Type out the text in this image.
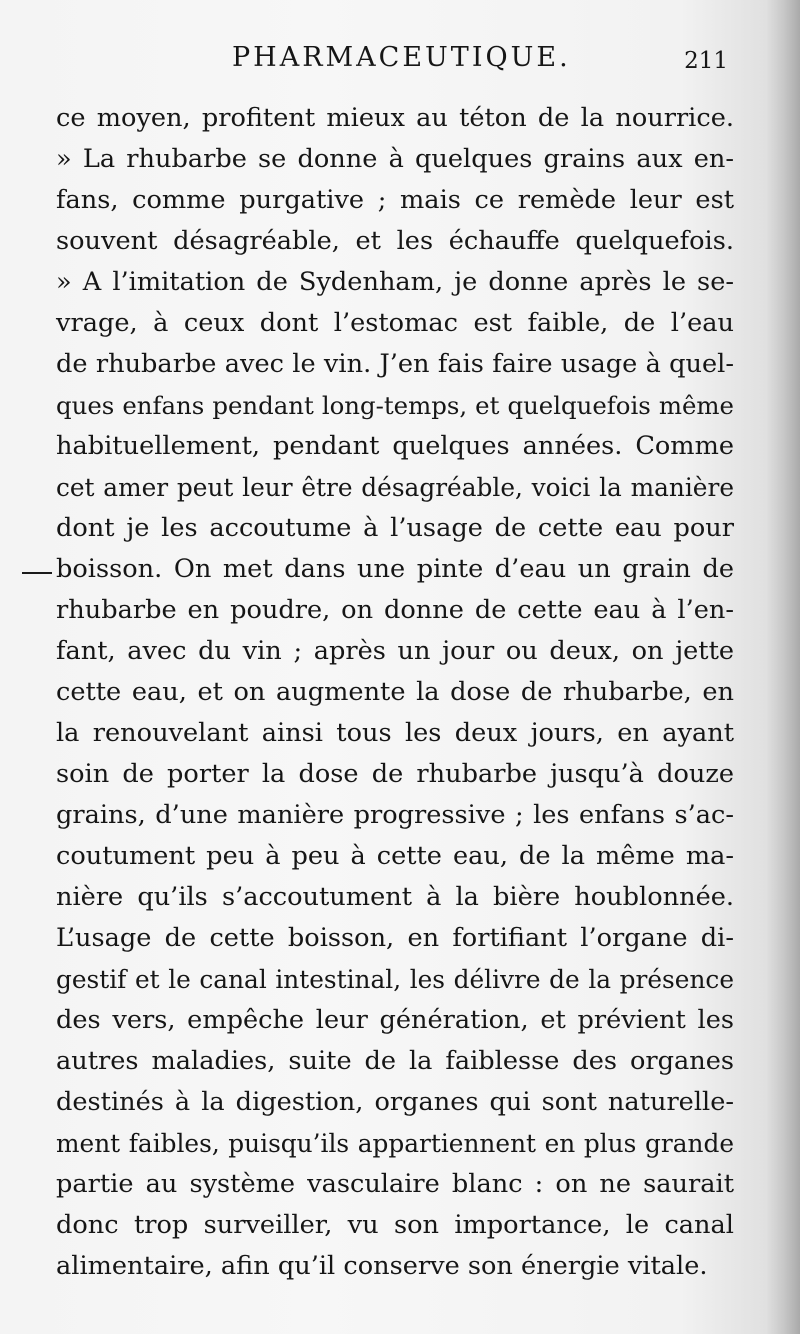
PHARMACEUTIQUE.	211
ce moyen, profitent mieux au téton de la nourrice.
» La rhubarbe se donne à quelques grains aux en-
fans, comme purgative ; mais ce remède leur est
souvent désagréable, et les échauffe quelquefois.
» A l’imitation de Sydenham, je donne après le se-
vrage, à ceux dont l’estomac est faible, de l’eau
de rhubarbe avec le vin. J’en fais faire usage à quel-
ques enfans pendant long-temps, et quelquefois même
habituellement, pendant quelques années. Comme
cet amer peut leur être désagréable, voici la manière
dont je les accoutume à l’usage de cette eau pour
boisson. On met dans une pinte d’eau un grain de
rhubarbe en poudre, on donne de cette eau à l’en-
fant, avec du vin ; après un jour ou deux, on jette
cette eau, et on augmente la dose de rhubarbe, en
la renouvelant ainsi tous les deux jours, en ayant
soin de porter la dose de rhubarbe jusqu’à douze
grains, d’une manière progressive ; les enfans s’ac-
coutument peu à peu à cette eau, de la même ma-
nière qu’ils s’accoutument à la bière houblonnée.
L’usage de cette boisson, en fortifiant l’organe di-
gestif et le canal intestinal, les délivre de la présence
des vers, empêche leur génération, et prévient les
autres maladies, suite de la faiblesse des organes
destinés à la digestion, organes qui sont naturelle-
ment faibles, puisqu’ils appartiennent en plus grande
partie au système vasculaire blanc : on ne saurait
donc trop surveiller, vu son importance, le canal
alimentaire, afin qu’il conserve son énergie vitale.
